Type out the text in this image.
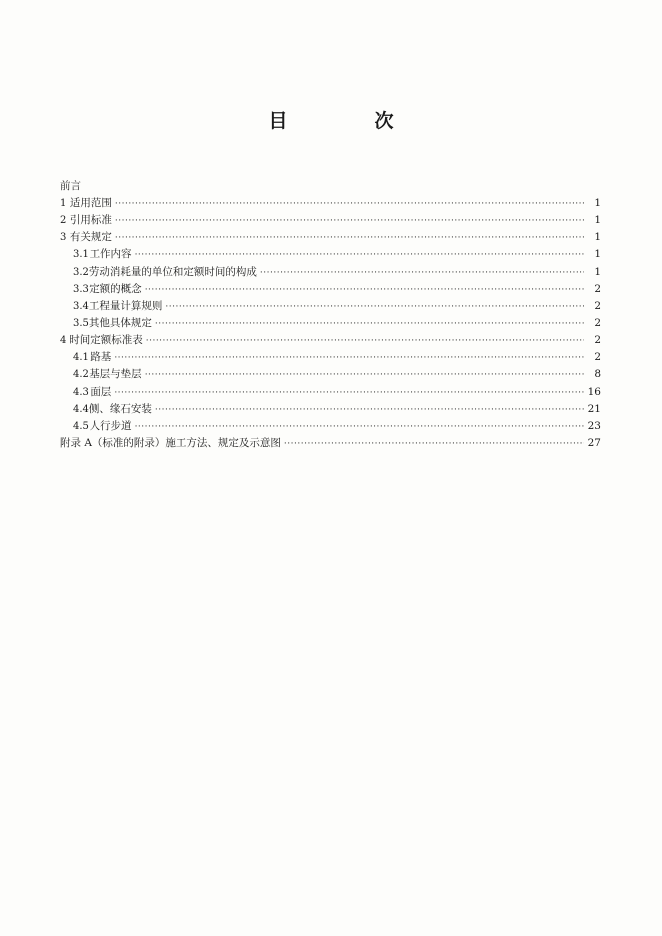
目　次
前言
1 适用范围 ·····	1
2 引用标准 ·····	1
3 有关规定 ·····	1
3.1 工作内容 ·····	1
3.2 劳动消耗量的单位和定额时间的构成 ·····	1
3.3 定额的概念 ·····	2
3.4 工程量计算规则 ·····	2
3.5 其他具体规定 ·····	2
4 时间定额标准表 ·····	2
4.1 路基 ·····	2
4.2 基层与垫层 ·····	8
4.3 面层 ·····	16
4.4 侧、缘石安装 ·····	21
4.5 人行步道 ·····	23
附录 A（标准的附录）施工方法、规定及示意图 ·····	27
